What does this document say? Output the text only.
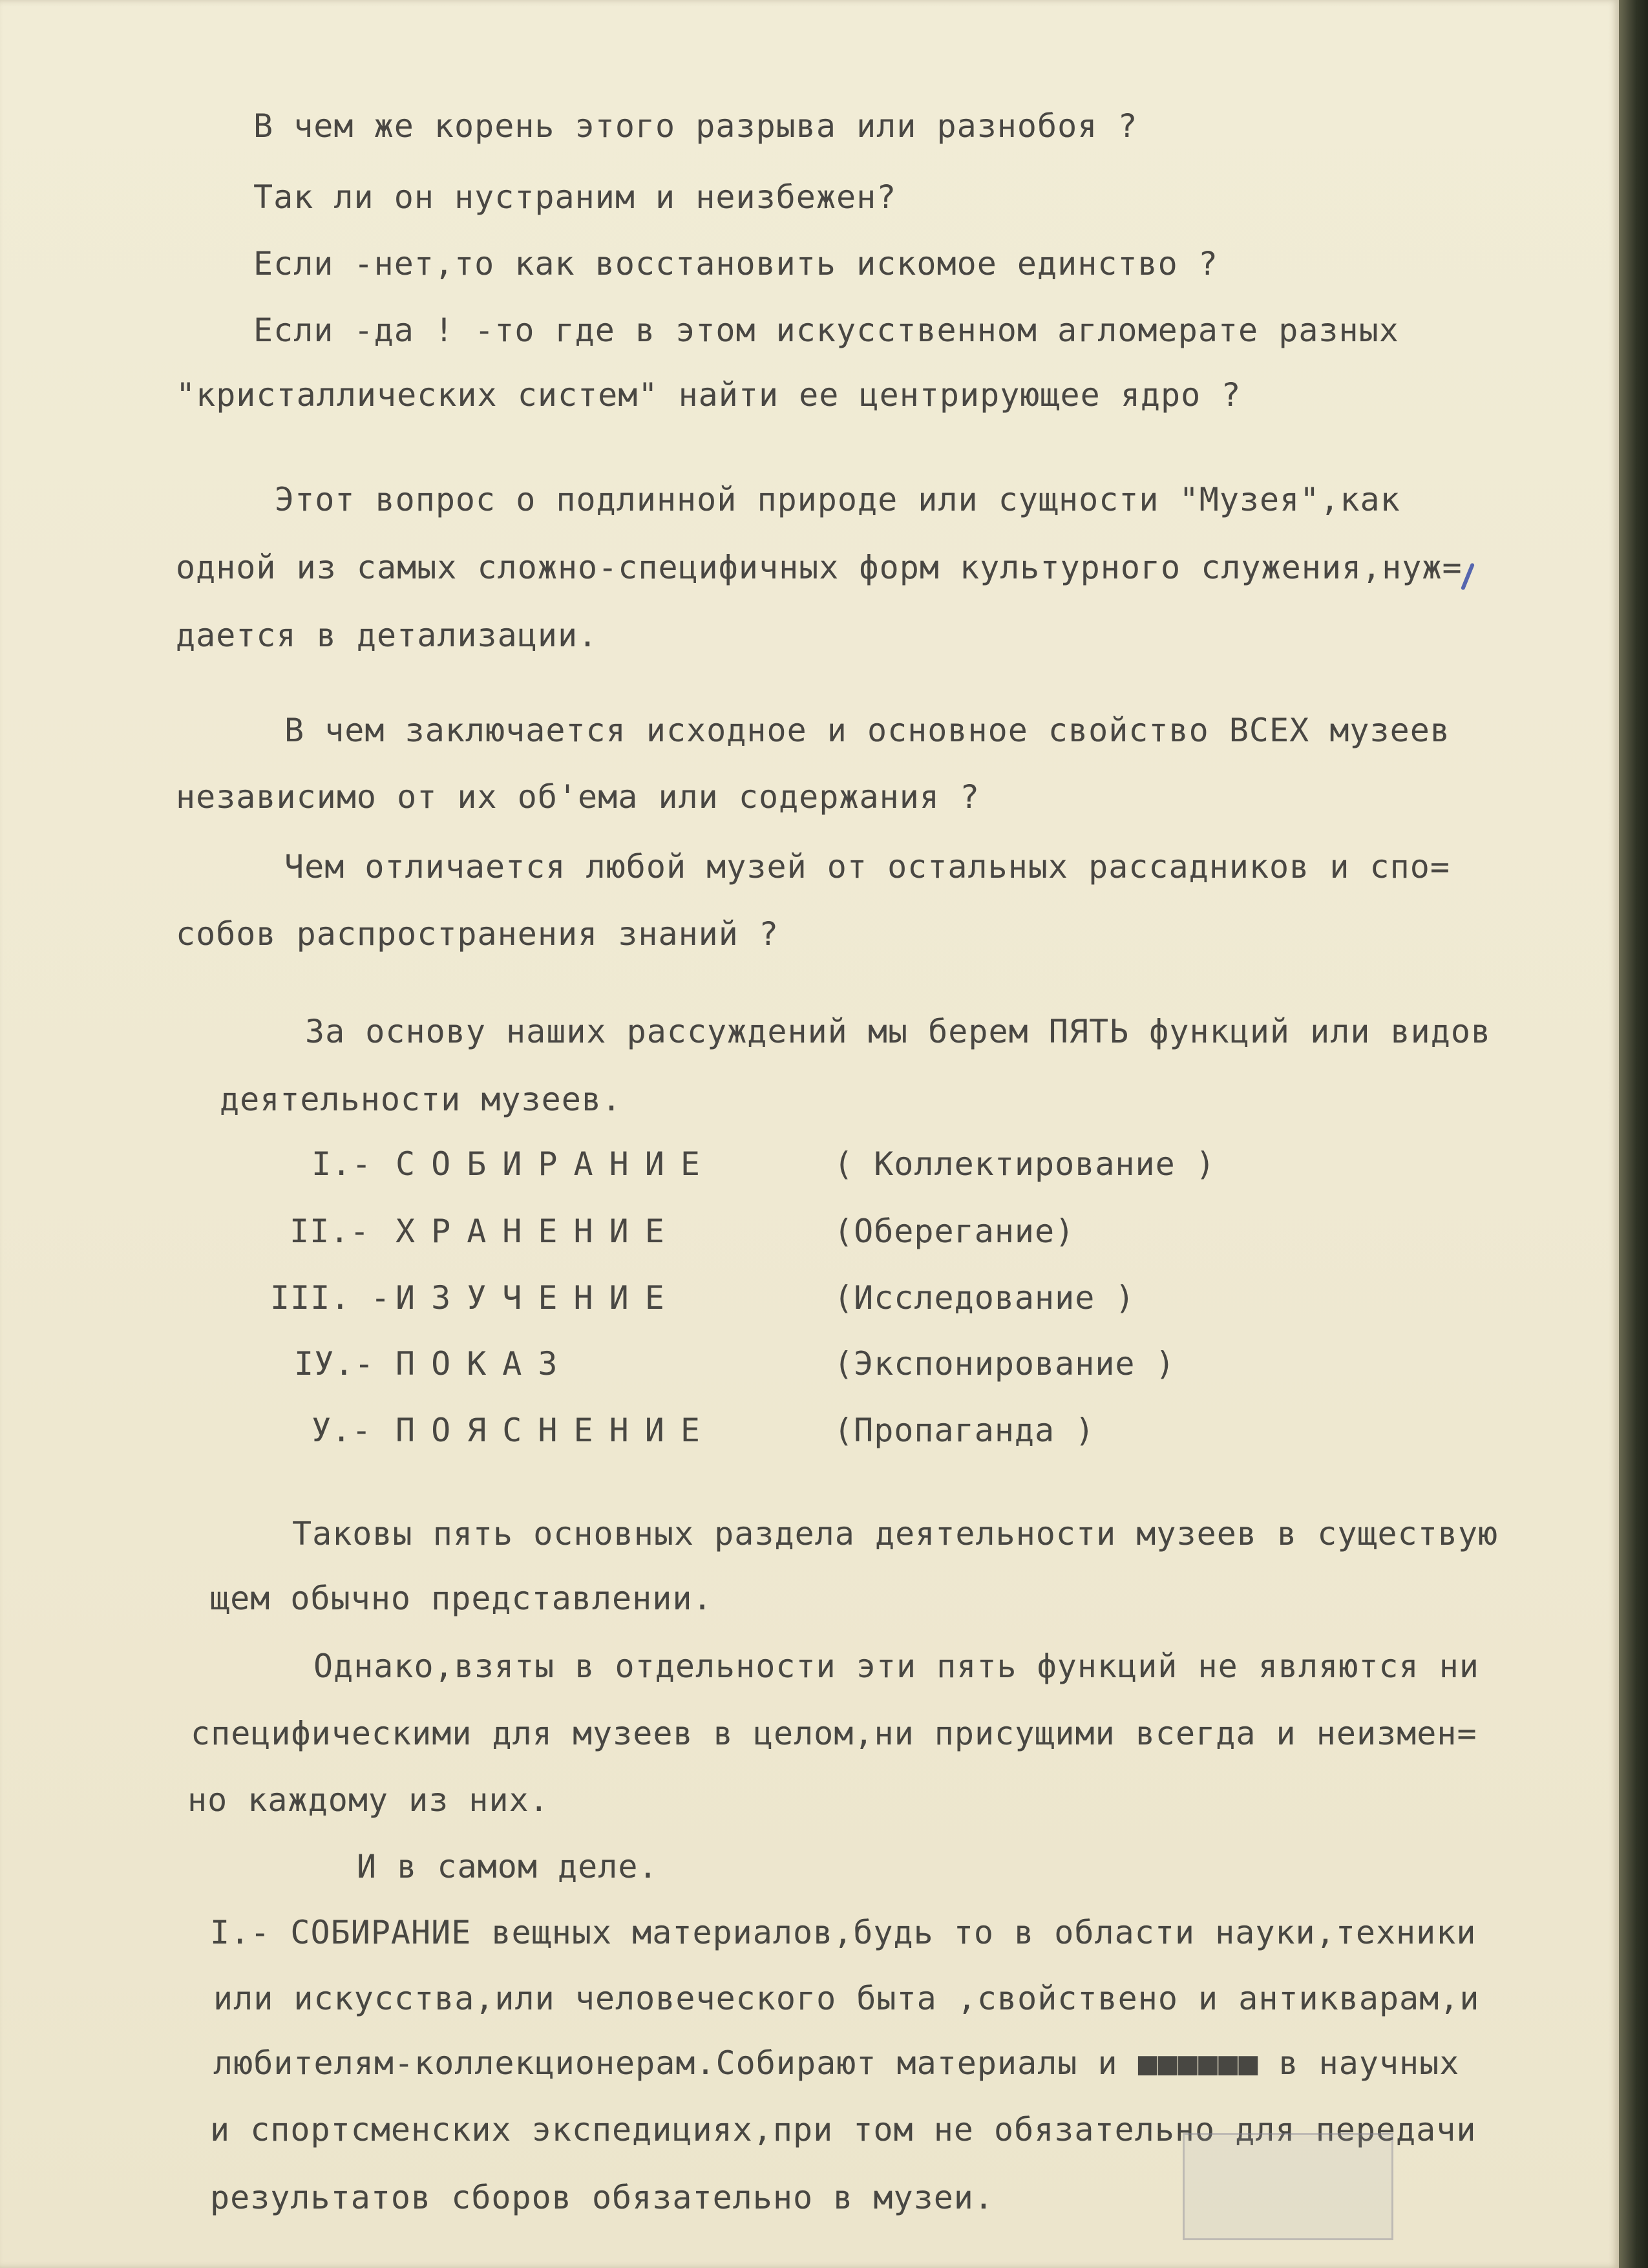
В чем же корень этого разрыва или разнобоя ?
Так ли он нустраним и неизбежен?
Если -нет,то как восстановить искомое единство ?
Если -да ! -то где в этом искусственном агломерате разных
"кристаллических систем" найти ее центрирующее ядро ?
Этот вопрос о подлинной природе или сущности "Музея",как
одной из самых сложно-специфичных форм культурного служения,нуж=
дается в детализации.
В чем заключается исходное и основное свойство ВСЕХ музеев
независимо от их об'ема или содержания ?
Чем отличается любой музей от остальных рассадников и спо=
собов распространения знаний ?
За основу наших рассуждений мы берем ПЯТЬ функций или видов
деятельности музеев.
I.- СОБИРАНИЕ	( Коллектирование )
II.- ХРАНЕНИЕ	(Оберегание)
III. - ИЗУЧЕНИЕ	(Исследование )
IУ.- ПОКАЗ	(Экспонирование )
У.- ПОЯСНЕНИЕ	(Пропаганда )
Таковы пять основных раздела деятельности музеев в существую
щем обычно представлении.
Однако,взяты в отдельности эти пять функций не являются ни
специфическими для музеев в целом,ни присущими всегда и неизмен=
но каждому из них.
И в самом деле.
I.- СОБИРАНИЕ вещных материалов,будь то в области науки,техники
или искусства,или человеческого быта ,свойствено и антикварам,и
любителям-коллекционерам.Собирают материалы и ■■■■■■ в научных
и спортсменских экспедициях,при том не обязательно для передачи
результатов сборов обязательно в музеи.
